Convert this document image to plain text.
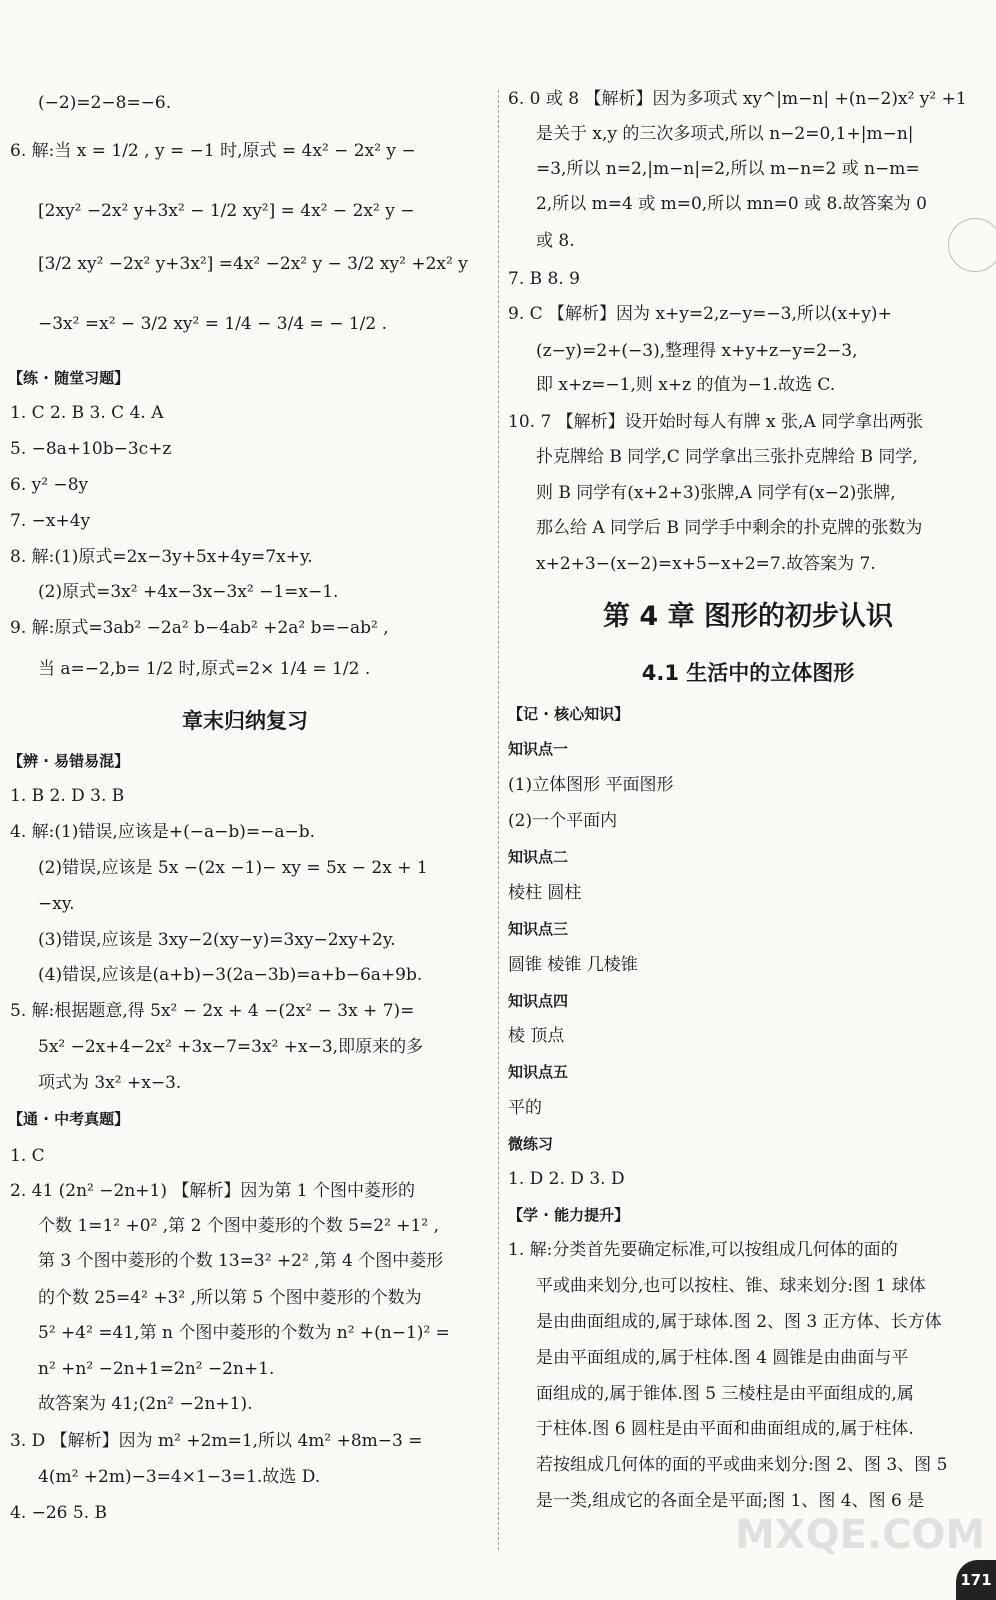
(−2)=2−8=−6.
6. 解:当 x = 1/2 , y = −1 时,原式 = 4x² − 2x² y −
[2xy² −2x² y+3x² − 1/2 xy²] = 4x² − 2x² y −
[3/2 xy² −2x² y+3x²] =4x² −2x² y − 3/2 xy² +2x² y
−3x² =x² − 3/2 xy² = 1/4 − 3/4 = − 1/2 .
【练 · 随堂习题】
1. C 2. B 3. C 4. A
5. −8a+10b−3c+z
6. y² −8y
7. −x+4y
8. 解:(1)原式=2x−3y+5x+4y=7x+y.
(2)原式=3x² +4x−3x−3x² −1=x−1.
9. 解:原式=3ab² −2a² b−4ab² +2a² b=−ab² ,
当 a=−2,b= 1/2 时,原式=2× 1/4 = 1/2 .
章末归纳复习
【辨 · 易错易混】
1. B 2. D 3. B
4. 解:(1)错误,应该是+(−a−b)=−a−b.
(2)错误,应该是 5x −(2x −1)− xy = 5x − 2x + 1
−xy.
(3)错误,应该是 3xy−2(xy−y)=3xy−2xy+2y.
(4)错误,应该是(a+b)−3(2a−3b)=a+b−6a+9b.
5. 解:根据题意,得 5x² − 2x + 4 −(2x² − 3x + 7)=
5x² −2x+4−2x² +3x−7=3x² +x−3,即原来的多
项式为 3x² +x−3.
【通 · 中考真题】
1. C
2. 41 (2n² −2n+1) 【解析】因为第 1 个图中菱形的
个数 1=1² +0² ,第 2 个图中菱形的个数 5=2² +1² ,
第 3 个图中菱形的个数 13=3² +2² ,第 4 个图中菱形
的个数 25=4² +3² ,所以第 5 个图中菱形的个数为
5² +4² =41,第 n 个图中菱形的个数为 n² +(n−1)² =
n² +n² −2n+1=2n² −2n+1.
故答案为 41;(2n² −2n+1).
3. D 【解析】因为 m² +2m=1,所以 4m² +8m−3 =
4(m² +2m)−3=4×1−3=1.故选 D.
4. −26 5. B
6. 0 或 8 【解析】因为多项式 xy^|m−n| +(n−2)x² y² +1
是关于 x,y 的三次多项式,所以 n−2=0,1+|m−n|
=3,所以 n=2,|m−n|=2,所以 m−n=2 或 n−m=
2,所以 m=4 或 m=0,所以 mn=0 或 8.故答案为 0
或 8.
7. B 8. 9
9. C 【解析】因为 x+y=2,z−y=−3,所以(x+y)+
(z−y)=2+(−3),整理得 x+y+z−y=2−3,
即 x+z=−1,则 x+z 的值为−1.故选 C.
10. 7 【解析】设开始时每人有牌 x 张,A 同学拿出两张
扑克牌给 B 同学,C 同学拿出三张扑克牌给 B 同学,
则 B 同学有(x+2+3)张牌,A 同学有(x−2)张牌,
那么给 A 同学后 B 同学手中剩余的扑克牌的张数为
x+2+3−(x−2)=x+5−x+2=7.故答案为 7.
第 4 章 图形的初步认识
4.1 生活中的立体图形
【记 · 核心知识】
知识点一
(1)立体图形 平面图形
(2)一个平面内
知识点二
棱柱 圆柱
知识点三
圆锥 棱锥 几棱锥
知识点四
棱 顶点
知识点五
平的
微练习
1. D 2. D 3. D
【学 · 能力提升】
1. 解:分类首先要确定标准,可以按组成几何体的面的
平或曲来划分,也可以按柱、锥、球来划分:图 1 球体
是由曲面组成的,属于球体.图 2、图 3 正方体、长方体
是由平面组成的,属于柱体.图 4 圆锥是由曲面与平
面组成的,属于锥体.图 5 三棱柱是由平面组成的,属
于柱体.图 6 圆柱是由平面和曲面组成的,属于柱体.
若按组成几何体的面的平或曲来划分:图 2、图 3、图 5
是一类,组成它的各面全是平面;图 1、图 4、图 6 是
MXQE.COM
171
